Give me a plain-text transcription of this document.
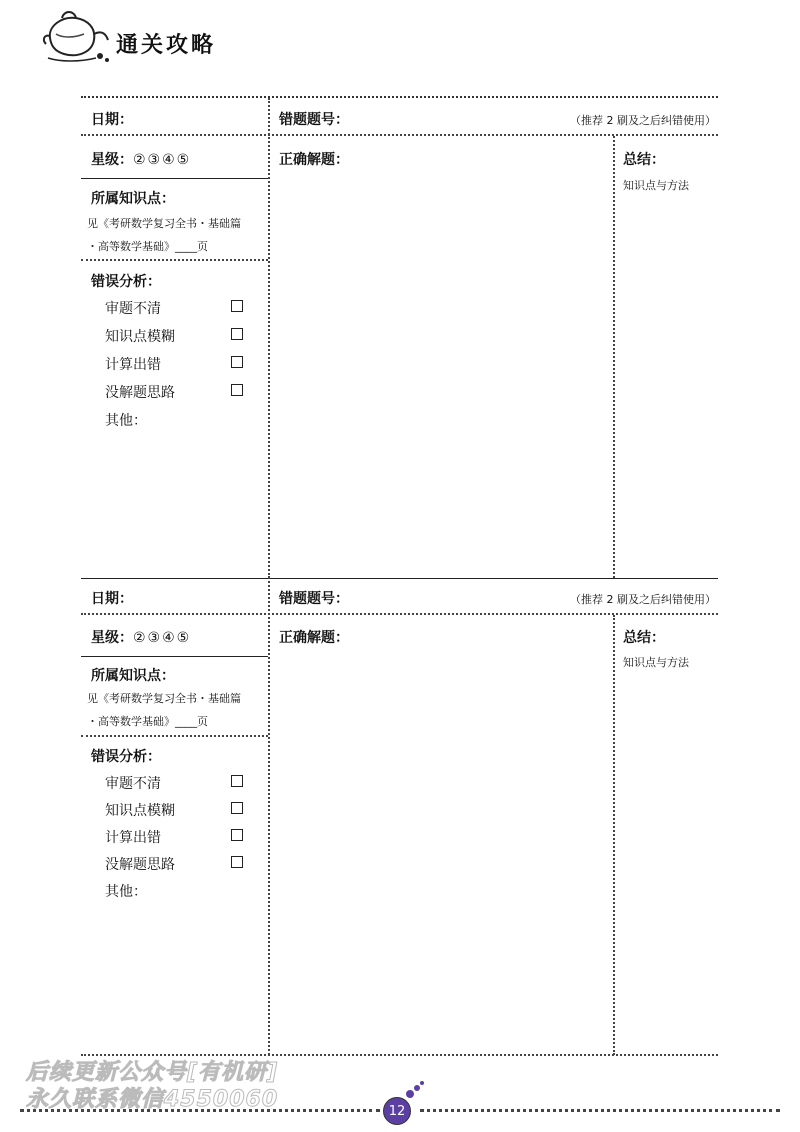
通关攻略
日期：	错题题号：	（推荐 2 刷及之后纠错使用）
星级：②③④⑤	正确解题：	总结：
知识点与方法
所属知识点：
见《考研数学复习全书・基础篇
・高等数学基础》____页
错误分析：
审题不清
知识点模糊
计算出错
没解题思路
其他：
日期：	错题题号：	（推荐 2 刷及之后纠错使用）
星级：②③④⑤	正确解题：	总结：
知识点与方法
所属知识点：
见《考研数学复习全书・基础篇
・高等数学基础》____页
错误分析：
审题不清
知识点模糊
计算出错
没解题思路
其他：
后续更新公众号[有机研]
永久联系微信4550060	12
